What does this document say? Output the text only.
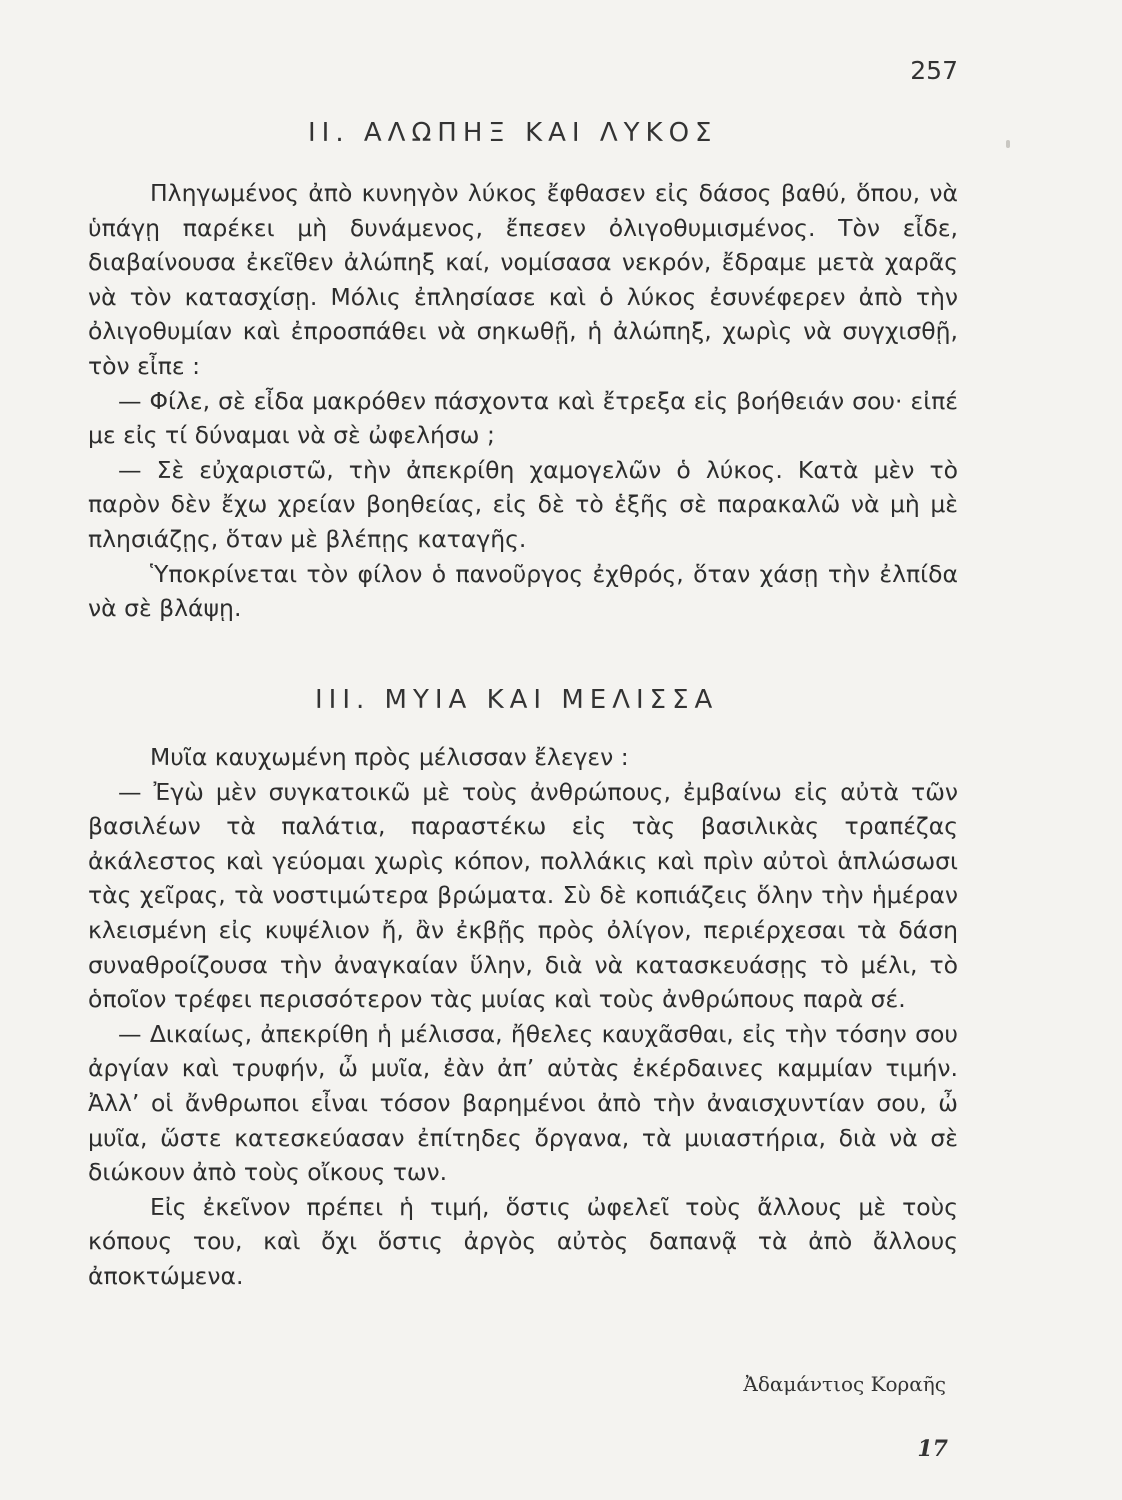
257
ΙΙ. ΑΛΩΠΗΞ ΚΑΙ ΛΥΚΟΣ

Πληγωμένος ἀπὸ κυνηγὸν λύκος ἔφθασεν εἰς δάσος βαθύ, ὅπου, νὰ ὑπάγῃ παρέκει μὴ δυνάμενος, ἔπεσεν ὀλιγοθυμισμένος. Τὸν εἶδε, διαβαίνουσα ἐκεῖθεν ἀλώπηξ καί, νομίσασα νεκρόν, ἔδραμε μετὰ χαρᾶς νὰ τὸν κατασχίσῃ. Μόλις ἐπλησίασε καὶ ὁ λύκος ἐσυνέφερεν ἀπὸ τὴν ὀλιγοθυμίαν καὶ ἐπροσπάθει νὰ σηκωθῇ, ἡ ἀλώπηξ, χωρὶς νὰ συγχισθῇ, τὸν εἶπε :

— Φίλε, σὲ εἶδα μακρόθεν πάσχοντα καὶ ἔτρεξα εἰς βοήθειάν σου· εἰπέ με εἰς τί δύναμαι νὰ σὲ ὠφελήσω ;

— Σὲ εὐχαριστῶ, τὴν ἀπεκρίθη χαμογελῶν ὁ λύκος. Κατὰ μὲν τὸ παρὸν δὲν ἔχω χρείαν βοηθείας, εἰς δὲ τὸ ἑξῆς σὲ παρακαλῶ νὰ μὴ μὲ πλησιάζῃς, ὅταν μὲ βλέπῃς καταγῆς.

Ὑποκρίνεται τὸν φίλον ὁ πανοῦργος ἐχθρός, ὅταν χάσῃ τὴν ἐλπίδα νὰ σὲ βλάψῃ.

ΙΙΙ. ΜΥΙΑ ΚΑΙ ΜΕΛΙΣΣΑ

Μυῖα καυχωμένη πρὸς μέλισσαν ἔλεγεν :

— Ἐγὼ μὲν συγκατοικῶ μὲ τοὺς ἀνθρώπους, ἐμβαίνω εἰς αὐτὰ τῶν βασιλέων τὰ παλάτια, παραστέκω εἰς τὰς βασιλικὰς τραπέζας ἀκάλεστος καὶ γεύομαι χωρὶς κόπον, πολλάκις καὶ πρὶν αὐτοὶ ἁπλώσωσι τὰς χεῖρας, τὰ νοστιμώτερα βρώματα. Σὺ δὲ κοπιάζεις ὅλην τὴν ἡμέραν κλεισμένη εἰς κυψέλιον ἤ, ἂν ἐκβῇς πρὸς ὀλίγον, περιέρχεσαι τὰ δάση συναθροίζουσα τὴν ἀναγκαίαν ὕλην, διὰ νὰ κατασκευάσῃς τὸ μέλι, τὸ ὁποῖον τρέφει περισσότερον τὰς μυίας καὶ τοὺς ἀνθρώπους παρὰ σέ.

— Δικαίως, ἀπεκρίθη ἡ μέλισσα, ἤθελες καυχᾶσθαι, εἰς τὴν τόσην σου ἀργίαν καὶ τρυφήν, ὦ μυῖα, ἐὰν ἀπ’ αὐτὰς ἐκέρδαινες καμμίαν τιμήν. Ἀλλ’ οἱ ἄνθρωποι εἶναι τόσον βαρημένοι ἀπὸ τὴν ἀναισχυντίαν σου, ὦ μυῖα, ὥστε κατεσκεύασαν ἐπίτηδες ὄργανα, τὰ μυιαστήρια, διὰ νὰ σὲ διώκουν ἀπὸ τοὺς οἴκους των.

Εἰς ἐκεῖνον πρέπει ἡ τιμή, ὅστις ὠφελεῖ τοὺς ἄλλους μὲ τοὺς κόπους του, καὶ ὄχι ὅστις ἀργὸς αὐτὸς δαπανᾷ τὰ ἀπὸ ἄλλους ἀποκτώμενα.

Ἀδαμάντιος Κοραῆς
17
